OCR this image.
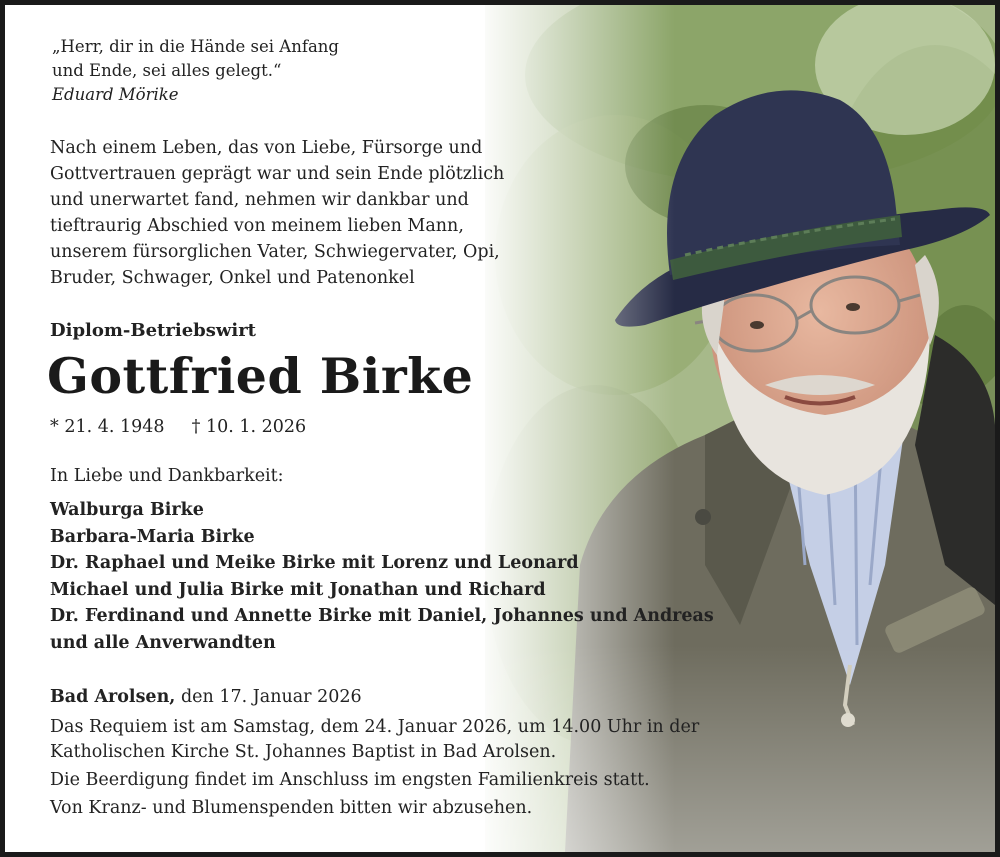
„Herr, dir in die Hände sei Anfang
und Ende, sei alles gelegt.“
Eduard Mörike
Nach einem Leben, das von Liebe, Fürsorge und
Gottvertrauen geprägt war und sein Ende plötzlich
und unerwartet fand, nehmen wir dankbar und
tieftraurig Abschied von meinem lieben Mann,
unserem fürsorglichen Vater, Schwiegervater, Opi,
Bruder, Schwager, Onkel und Patenonkel
Diplom-Betriebswirt
Gottfried Birke
* 21. 4. 1948 † 10. 1. 2026
In Liebe und Dankbarkeit:
Walburga Birke
Barbara-Maria Birke
Dr. Raphael und Meike Birke mit Lorenz und Leonard
Michael und Julia Birke mit Jonathan und Richard
Dr. Ferdinand und Annette Birke mit Daniel, Johannes und Andreas
und alle Anverwandten
Bad Arolsen, den 17. Januar 2026
Das Requiem ist am Samstag, dem 24. Januar 2026, um 14.00 Uhr in der
Katholischen Kirche St. Johannes Baptist in Bad Arolsen.
Die Beerdigung findet im Anschluss im engsten Familienkreis statt.
Von Kranz- und Blumenspenden bitten wir abzusehen.
